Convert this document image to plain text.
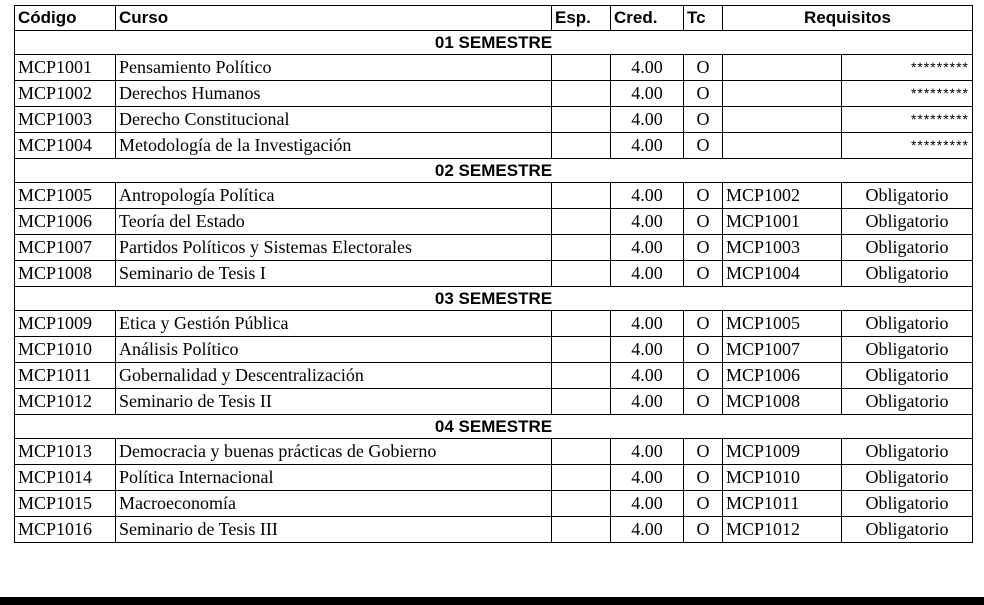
Código	Curso	Esp.	Cred.	Tc	Requisitos	
01 SEMESTRE						
MCP1001	Pensamiento Político		4.00	O		*********
MCP1002	Derechos Humanos		4.00	O		*********
MCP1003	Derecho Constitucional		4.00	O		*********
MCP1004	Metodología de la Investigación		4.00	O		*********
02 SEMESTRE						
MCP1005	Antropología Política		4.00	O	MCP1002	Obligatorio
MCP1006	Teoría del Estado		4.00	O	MCP1001	Obligatorio
MCP1007	Partidos Políticos y Sistemas Electorales		4.00	O	MCP1003	Obligatorio
MCP1008	Seminario de Tesis I		4.00	O	MCP1004	Obligatorio
03 SEMESTRE						
MCP1009	Etica y Gestión Pública		4.00	O	MCP1005	Obligatorio
MCP1010	Análisis Político		4.00	O	MCP1007	Obligatorio
MCP1011	Gobernalidad y Descentralización		4.00	O	MCP1006	Obligatorio
MCP1012	Seminario de Tesis II		4.00	O	MCP1008	Obligatorio
04 SEMESTRE						
MCP1013	Democracia y buenas prácticas de Gobierno		4.00	O	MCP1009	Obligatorio
MCP1014	Política Internacional		4.00	O	MCP1010	Obligatorio
MCP1015	Macroeconomía		4.00	O	MCP1011	Obligatorio
MCP1016	Seminario de Tesis III		4.00	O	MCP1012	Obligatorio
